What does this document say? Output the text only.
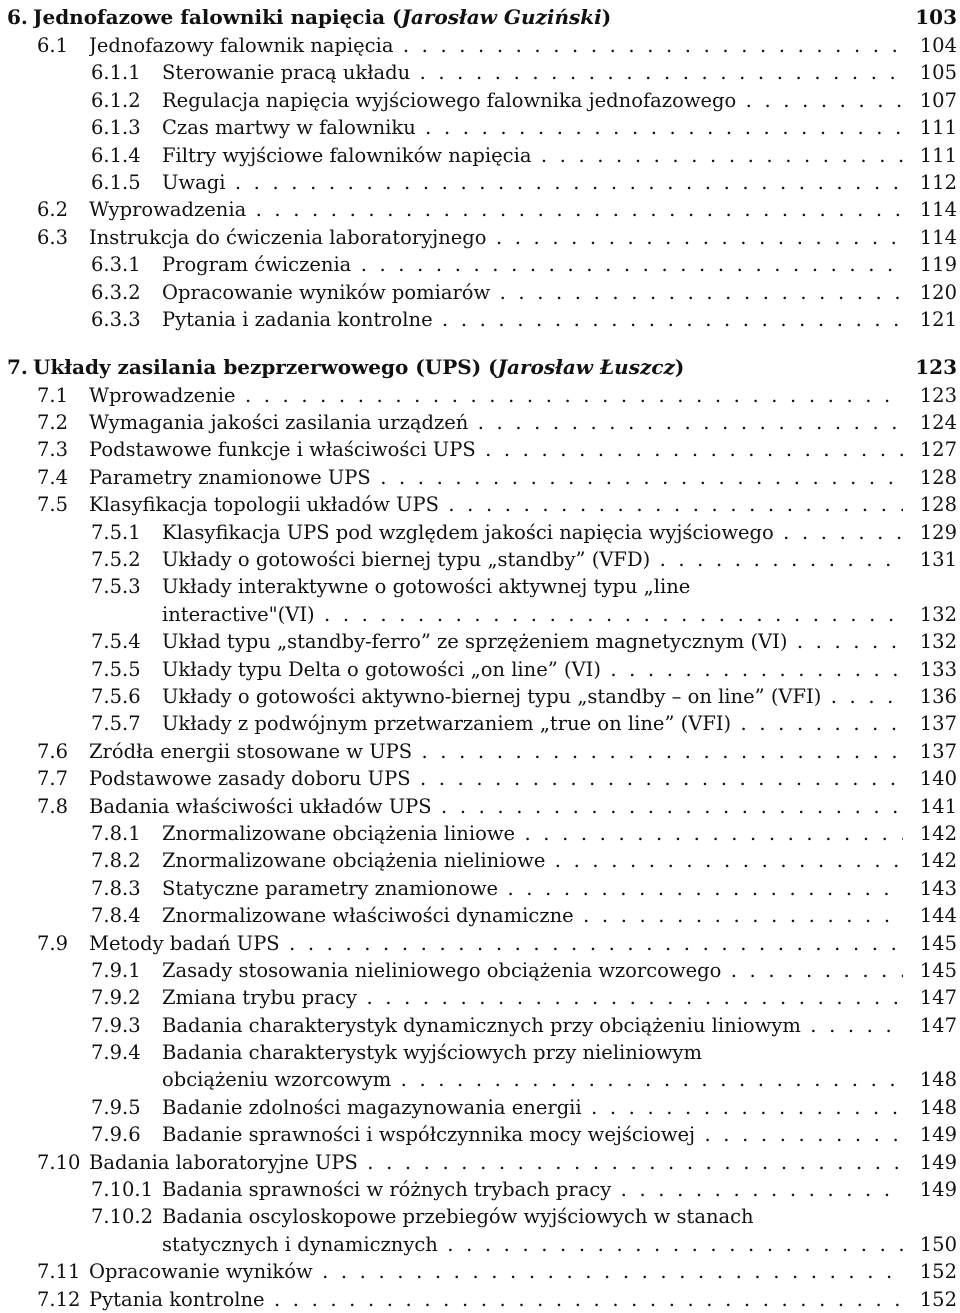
6. Jednofazowe falowniki napięcia (Jarosław Guziński)	103
6.1 Jednofazowy falownik napięcia . . .	104
6.1.1 Sterowanie pracą układu . . .	105
6.1.2 Regulacja napięcia wyjściowego falownika jednofazowego . . .	107
6.1.3 Czas martwy w falowniku . . .	111
6.1.4 Filtry wyjściowe falowników napięcia . . .	111
6.1.5 Uwagi . . .	112
6.2 Wyprowadzenia . . .	114
6.3 Instrukcja do ćwiczenia laboratoryjnego . . .	114
6.3.1 Program ćwiczenia . . .	119
6.3.2 Opracowanie wyników pomiarów . . .	120
6.3.3 Pytania i zadania kontrolne . . .	121
7. Układy zasilania bezprzerwowego (UPS) (Jarosław Łuszcz)	123
7.1 Wprowadzenie . . .	123
7.2 Wymagania jakości zasilania urządzeń . . .	124
7.3 Podstawowe funkcje i właściwości UPS . . .	127
7.4 Parametry znamionowe UPS . . .	128
7.5 Klasyfikacja topologii układów UPS . . .	128
7.5.1 Klasyfikacja UPS pod względem jakości napięcia wyjściowego . . .	129
7.5.2 Układy o gotowości biernej typu „standby” (VFD) . . .	131
7.5.3 Układy interaktywne o gotowości aktywnej typu „line
interactive"(VI) . . .	132
7.5.4 Układ typu „standby-ferro” ze sprzężeniem magnetycznym (VI) . . .	132
7.5.5 Układy typu Delta o gotowości „on line” (VI) . . .	133
7.5.6 Układy o gotowości aktywno-biernej typu „standby – on line” (VFI) . . .	136
7.5.7 Układy z podwójnym przetwarzaniem „true on line” (VFI) . . .	137
7.6 Zródła energii stosowane w UPS . . .	137
7.7 Podstawowe zasady doboru UPS . . .	140
7.8 Badania właściwości układów UPS . . .	141
7.8.1 Znormalizowane obciążenia liniowe . . .	142
7.8.2 Znormalizowane obciążenia nieliniowe . . .	142
7.8.3 Statyczne parametry znamionowe . . .	143
7.8.4 Znormalizowane właściwości dynamiczne . . .	144
7.9 Metody badań UPS . . .	145
7.9.1 Zasady stosowania nieliniowego obciążenia wzorcowego . . .	145
7.9.2 Zmiana trybu pracy . . .	147
7.9.3 Badania charakterystyk dynamicznych przy obciążeniu liniowym . . .	147
7.9.4 Badania charakterystyk wyjściowych przy nieliniowym
obciążeniu wzorcowym . . .	148
7.9.5 Badanie zdolności magazynowania energii . . .	148
7.9.6 Badanie sprawności i współczynnika mocy wejściowej . . .	149
7.10 Badania laboratoryjne UPS . . .	149
7.10.1 Badania sprawności w różnych trybach pracy . . .	149
7.10.2 Badania oscyloskopowe przebiegów wyjściowych w stanach
statycznych i dynamicznych . . .	150
7.11 Opracowanie wyników . . .	152
7.12 Pytania kontrolne . . .	152
